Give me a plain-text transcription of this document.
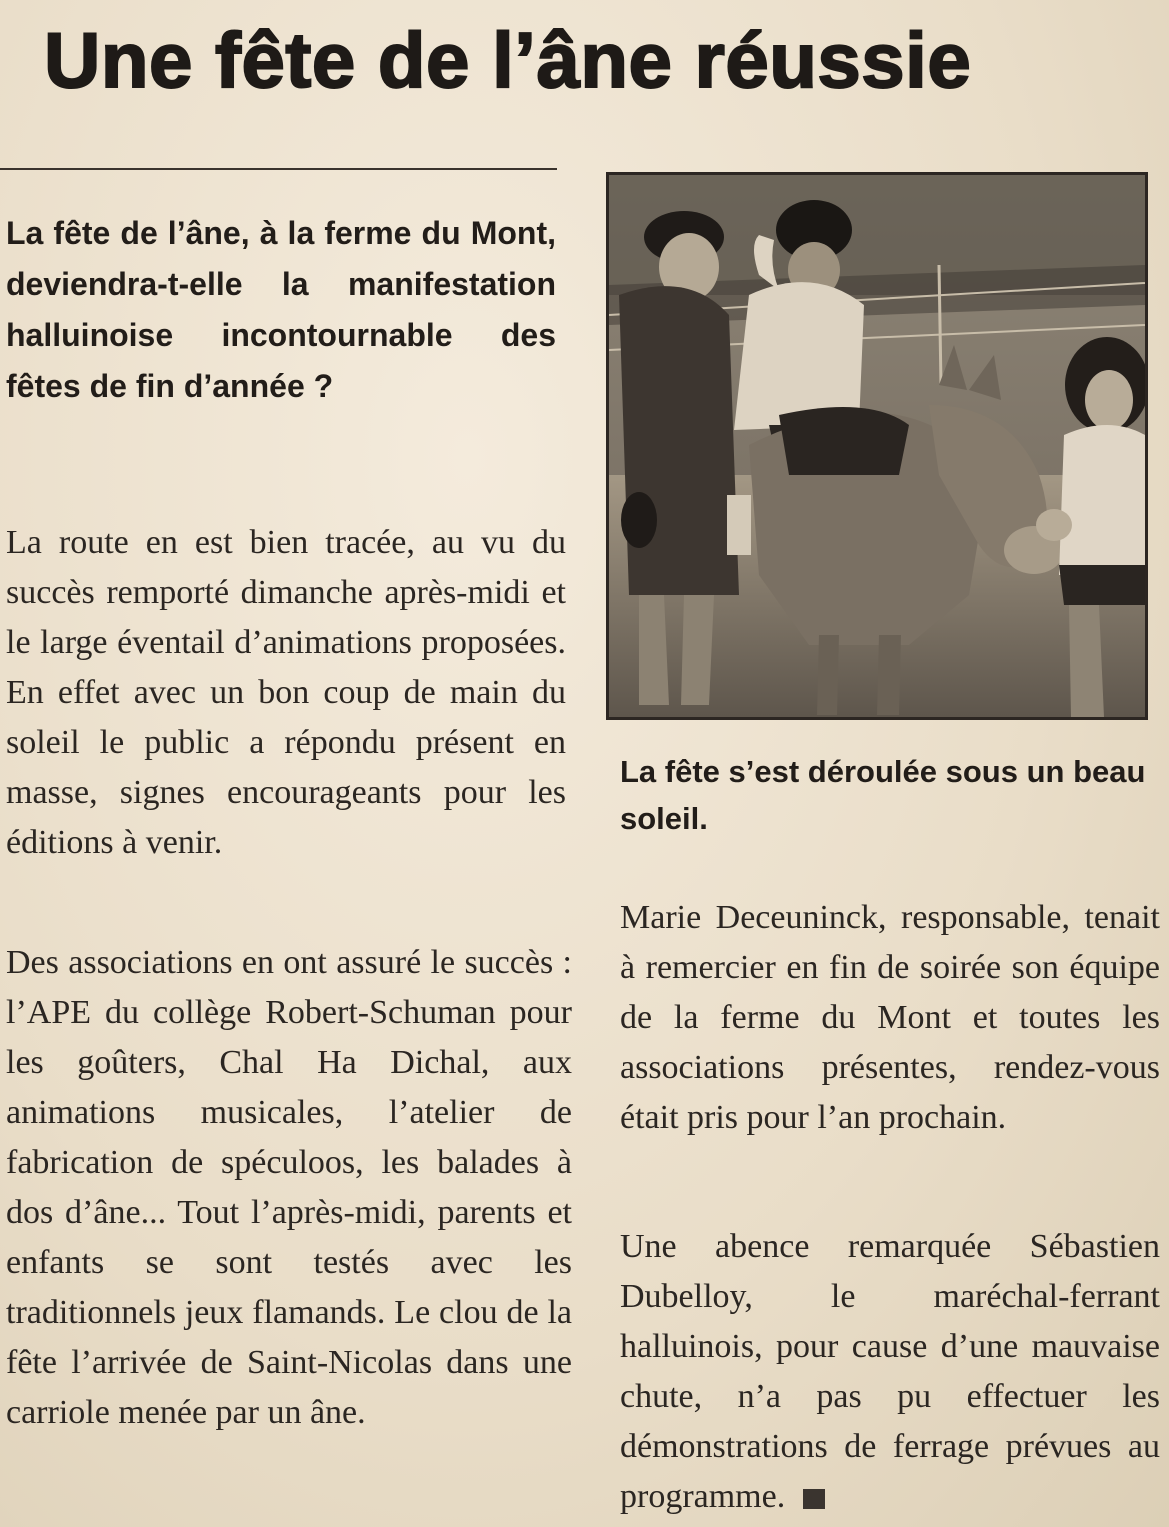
Une fête de l’âne réussie

La fête de l’âne, à la ferme du Mont, deviendra-t-elle la manifestation halluinoise incontournable des fêtes de fin d’année ?

La route en est bien tracée, au vu du succès remporté dimanche après-midi et le large éventail d’animations proposées. En effet avec un bon coup de main du soleil le public a répondu présent en masse, signes encourageants pour les éditions à venir.

Des associations en ont assuré le succès : l’APE du collège Robert-Schuman pour les goûters, Chal Ha Dichal, aux animations musicales, l’atelier de fabrication de spéculoos, les balades à dos d’âne... Tout l’après-midi, parents et enfants se sont testés avec les traditionnels jeux flamands. Le clou de la fête l’arrivée de Saint-Nicolas dans une carriole menée par un âne.

La fête s’est déroulée sous un beau soleil.

Marie Deceuninck, responsable, tenait à remercier en fin de soirée son équipe de la ferme du Mont et toutes les associations présentes, rendez-vous était pris pour l’an prochain.

Une abence remarquée Sébastien Dubelloy, le maréchal-ferrant halluinois, pour cause d’une mauvaise chute, n’a pas pu effectuer les démonstrations de ferrage prévues au programme.
